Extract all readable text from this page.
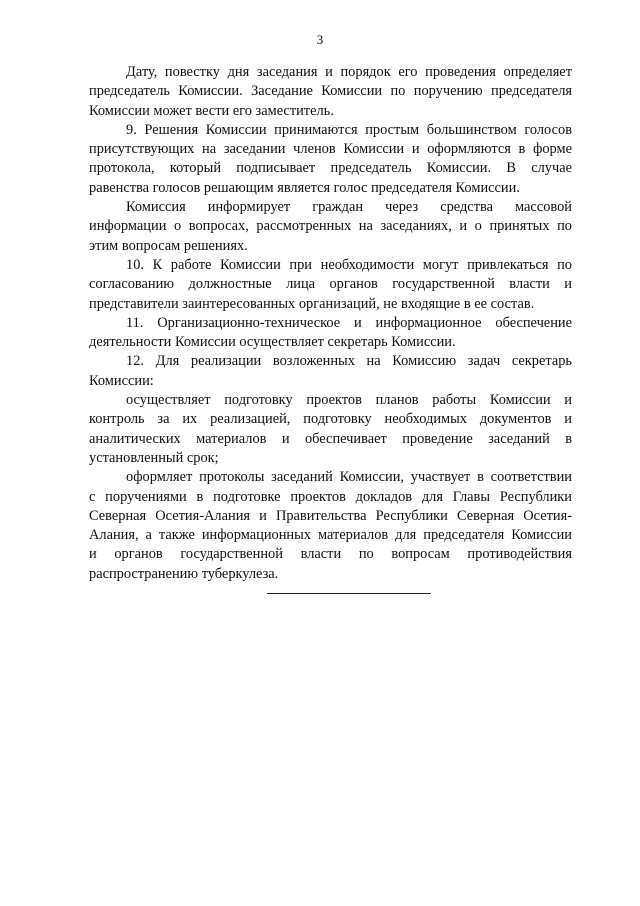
3
Дату, повестку дня заседания и порядок его проведения определяет
председатель Комиссии. Заседание Комиссии по поручению председателя
Комиссии может вести его заместитель.
9. Решения Комиссии принимаются простым большинством голосов
присутствующих на заседании членов Комиссии и оформляются в форме
протокола, который подписывает председатель Комиссии. В случае
равенства голосов решающим является голос председателя Комиссии.
Комиссия информирует граждан через средства массовой
информации о вопросах, рассмотренных на заседаниях, и о принятых по
этим вопросам решениях.
10. К работе Комиссии при необходимости могут привлекаться по
согласованию должностные лица органов государственной власти и
представители заинтересованных организаций, не входящие в ее состав.
11. Организационно-техническое и информационное обеспечение
деятельности Комиссии осуществляет секретарь Комиссии.
12. Для реализации возложенных на Комиссию задач секретарь
Комиссии:
осуществляет подготовку проектов планов работы Комиссии и
контроль за их реализацией, подготовку необходимых документов и
аналитических материалов и обеспечивает проведение заседаний в
установленный срок;
оформляет протоколы заседаний Комиссии, участвует в соответствии
с поручениями в подготовке проектов докладов для Главы Республики
Северная Осетия-Алания и Правительства Республики Северная Осетия-
Алания, а также информационных материалов для председателя Комиссии
и органов государственной власти по вопросам противодействия
распространению туберкулеза.
